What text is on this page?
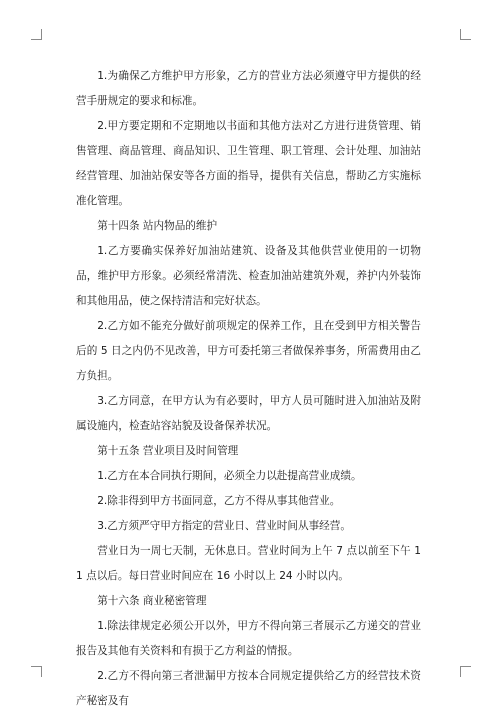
1.为确保乙方维护甲方形象，乙方的营业方法必须遵守甲方提供的经营手册规定的要求和标准。

2.甲方要定期和不定期地以书面和其他方法对乙方进行进货管理、销售管理、商品管理、商品知识、卫生管理、职工管理、会计处理、加油站经营管理、加油站保安等各方面的指导，提供有关信息，帮助乙方实施标准化管理。

第十四条 站内物品的维护

1.乙方要确实保养好加油站建筑、设备及其他供营业使用的一切物品，维护甲方形象。必须经常清洗、检查加油站建筑外观，养护内外装饰和其他用品，使之保持清洁和完好状态。

2.乙方如不能充分做好前项规定的保养工作，且在受到甲方相关警告后的 5 日之内仍不见改善，甲方可委托第三者做保养事务，所需费用由乙方负担。

3.乙方同意，在甲方认为有必要时，甲方人员可随时进入加油站及附属设施内，检查站容站貌及设备保养状况。

第十五条 营业项目及时间管理

1.乙方在本合同执行期间，必须全力以赴提高营业成绩。

2.除非得到甲方书面同意，乙方不得从事其他营业。

3.乙方须严守甲方指定的营业日、营业时间从事经营。

营业日为一周七天制，无休息日。营业时间为上午 7 点以前至下午 11 点以后。每日营业时间应在 16 小时以上 24 小时以内。

第十六条 商业秘密管理

1.除法律规定必须公开以外，甲方不得向第三者展示乙方递交的营业报告及其他有关资料和有损于乙方利益的情报。

2.乙方不得向第三者泄漏甲方按本合同规定提供给乙方的经营技术资产秘密及有
